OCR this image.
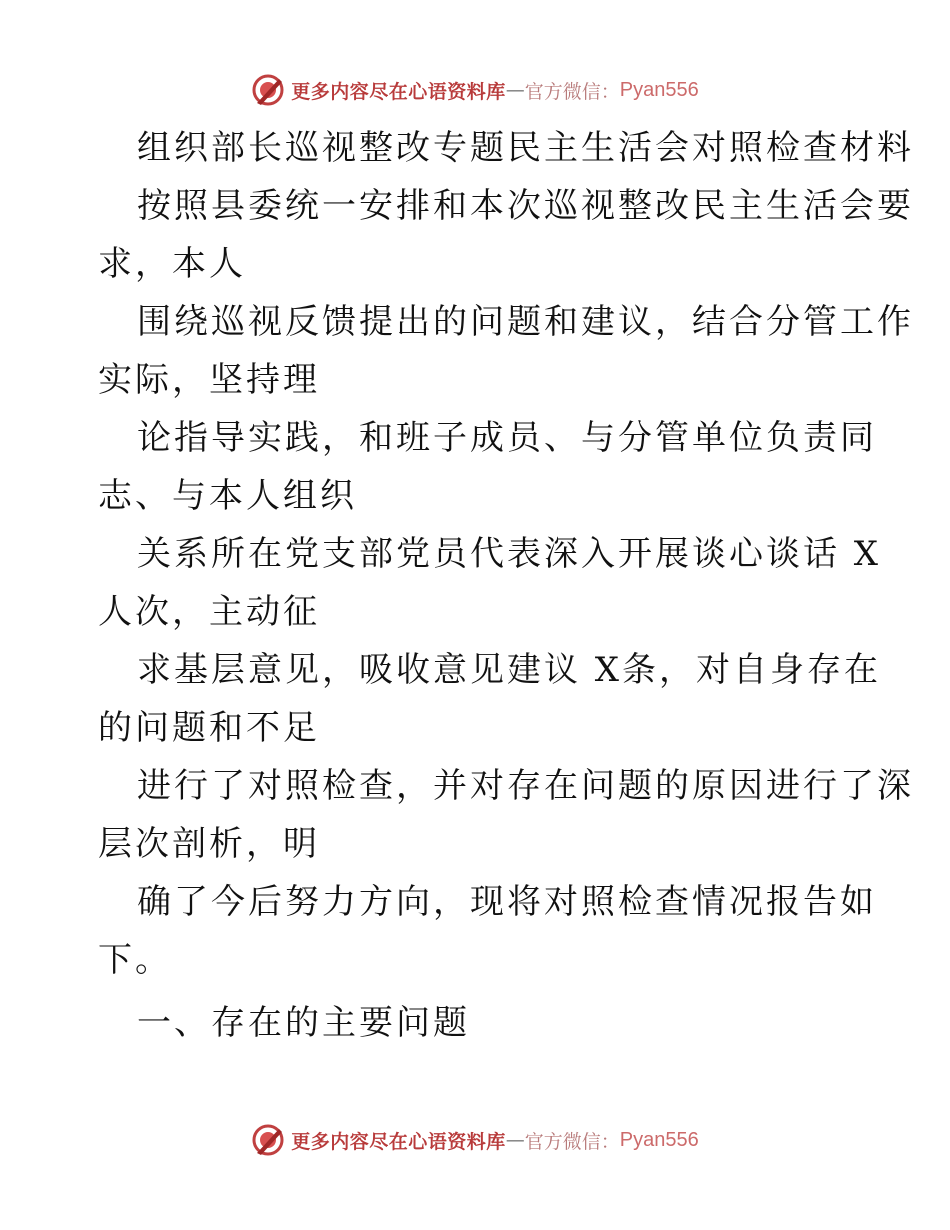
更多内容尽在心语资料库 — 官方微信： Pyan556
组织部长巡视整改专题民主生活会对照检查材料
按照县委统一安排和本次巡视整改民主生活会要
求，本人
围绕巡视反馈提出的问题和建议，结合分管工作
实际，坚持理
论指导实践，和班子成员、与分管单位负责同
志、与本人组织
关系所在党支部党员代表深入开展谈心谈话 X
人次，主动征
求基层意见，吸收意见建议 X条，对自身存在
的问题和不足
进行了对照检查，并对存在问题的原因进行了深
层次剖析，明
确了今后努力方向，现将对照检查情况报告如
下。
一、存在的主要问题
更多内容尽在心语资料库 — 官方微信： Pyan556
